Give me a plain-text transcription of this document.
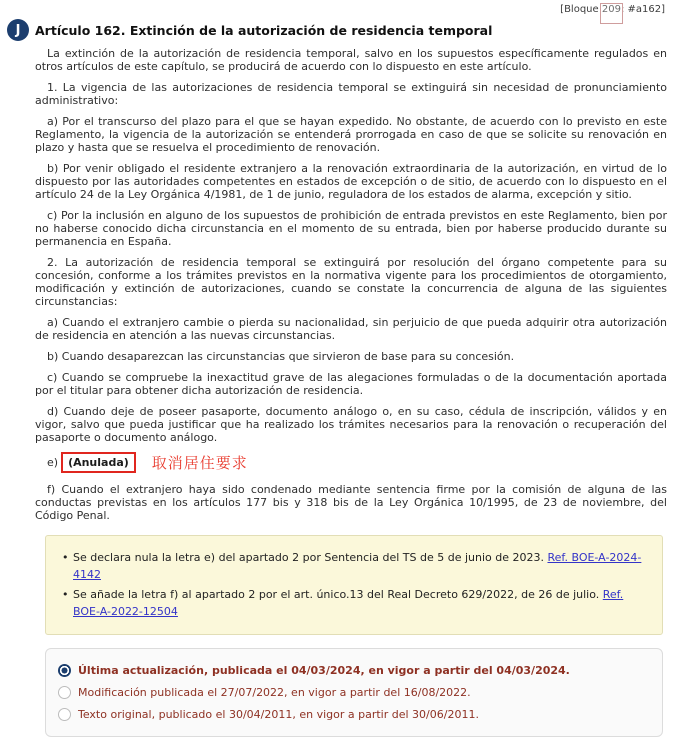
[Bloque 209: #a162]
J	Artículo 162. Extinción de la autorización de residencia temporal

La extinción de la autorización de residencia temporal, salvo en los supuestos específicamente regulados en otros artículos de este capítulo, se producirá de acuerdo con lo dispuesto en este artículo.

1. La vigencia de las autorizaciones de residencia temporal se extinguirá sin necesidad de pronunciamiento administrativo:

a) Por el transcurso del plazo para el que se hayan expedido. No obstante, de acuerdo con lo previsto en este Reglamento, la vigencia de la autorización se entenderá prorrogada en caso de que se solicite su renovación en plazo y hasta que se resuelva el procedimiento de renovación.

b) Por venir obligado el residente extranjero a la renovación extraordinaria de la autorización, en virtud de lo dispuesto por las autoridades competentes en estados de excepción o de sitio, de acuerdo con lo dispuesto en el artículo 24 de la Ley Orgánica 4/1981, de 1 de junio, reguladora de los estados de alarma, excepción y sitio.

c) Por la inclusión en alguno de los supuestos de prohibición de entrada previstos en este Reglamento, bien por no haberse conocido dicha circunstancia en el momento de su entrada, bien por haberse producido durante su permanencia en España.

2. La autorización de residencia temporal se extinguirá por resolución del órgano competente para su concesión, conforme a los trámites previstos en la normativa vigente para los procedimientos de otorgamiento, modificación y extinción de autorizaciones, cuando se constate la concurrencia de alguna de las siguientes circunstancias:

a) Cuando el extranjero cambie o pierda su nacionalidad, sin perjuicio de que pueda adquirir otra autorización de residencia en atención a las nuevas circunstancias.

b) Cuando desaparezcan las circunstancias que sirvieron de base para su concesión.

c) Cuando se compruebe la inexactitud grave de las alegaciones formuladas o de la documentación aportada por el titular para obtener dicha autorización de residencia.

d) Cuando deje de poseer pasaporte, documento análogo o, en su caso, cédula de inscripción, válidos y en vigor, salvo que pueda justificar que ha realizado los trámites necesarios para la renovación o recuperación del pasaporte o documento análogo.

e) (Anulada)	取消居住要求

f) Cuando el extranjero haya sido condenado mediante sentencia firme por la comisión de alguna de las conductas previstas en los artículos 177 bis y 318 bis de la Ley Orgánica 10/1995, de 23 de noviembre, del Código Penal.

• Se declara nula la letra e) del apartado 2 por Sentencia del TS de 5 de junio de 2023. Ref. BOE-A-2024-4142
• Se añade la letra f) al apartado 2 por el art. único.13 del Real Decreto 629/2022, de 26 de julio. Ref. BOE-A-2022-12504
Última actualización, publicada el 04/03/2024, en vigor a partir del 04/03/2024.
Modificación publicada el 27/07/2022, en vigor a partir del 16/08/2022.
Texto original, publicado el 30/04/2011, en vigor a partir del 30/06/2011.
